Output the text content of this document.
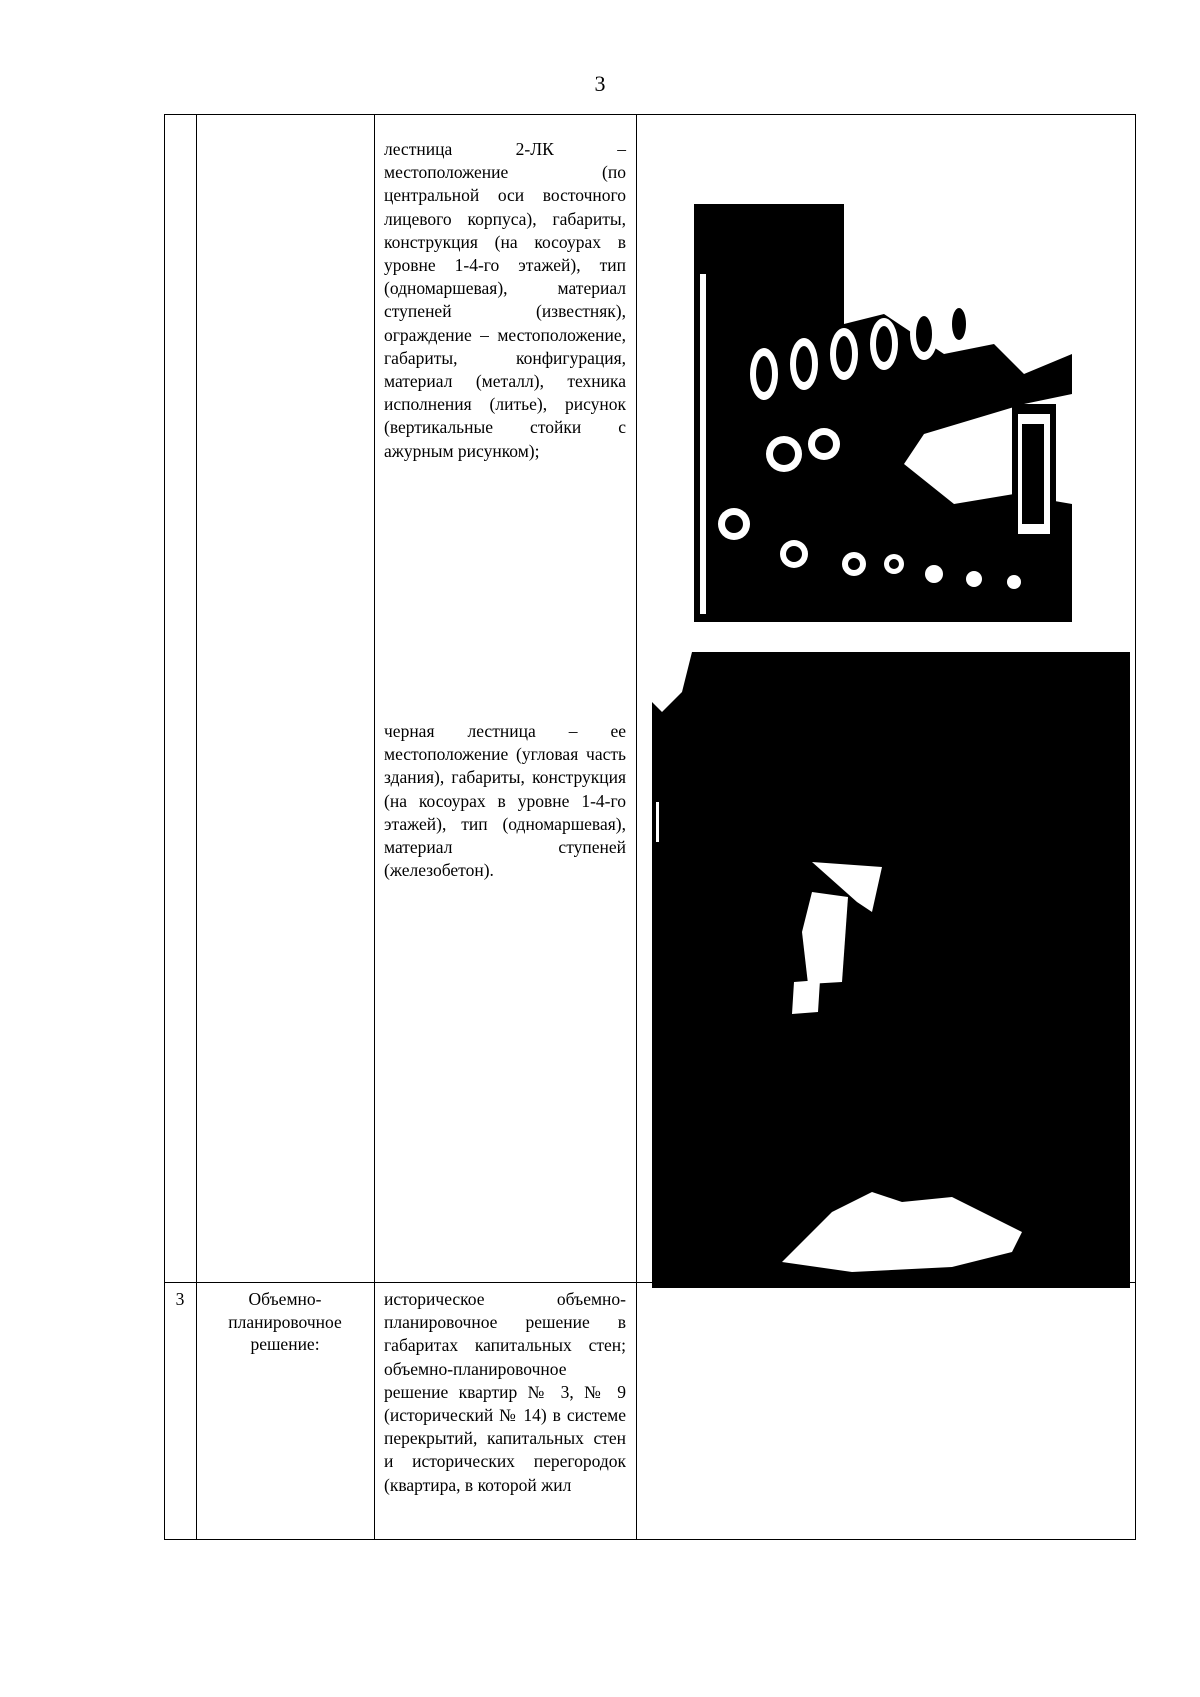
3
лестница 2-ЛК – местоположение (по центральной оси восточного лицевого корпуса), габариты, конструкция (на косоурах в уровне 1-4-го этажей), тип (одномаршевая), материал ступеней (известняк), ограждение – местоположение, габариты, конфигурация, материал (металл), техника исполнения (литье), рисунок (вертикальные стойки с ажурным рисунком);
черная лестница – ее местоположение (угловая часть здания), габариты, конструкция (на косоурах в уровне 1-4-го этажей), тип (одномаршевая), материал ступеней (железобетон).
3	Объемно-планировочное решение:
историческое объемно-планировочное решение в габаритах капитальных стен; объемно-планировочное решение квартир № 3, № 9 (исторический № 14) в системе перекрытий, капитальных стен и исторических перегородок (квартира, в которой жил
